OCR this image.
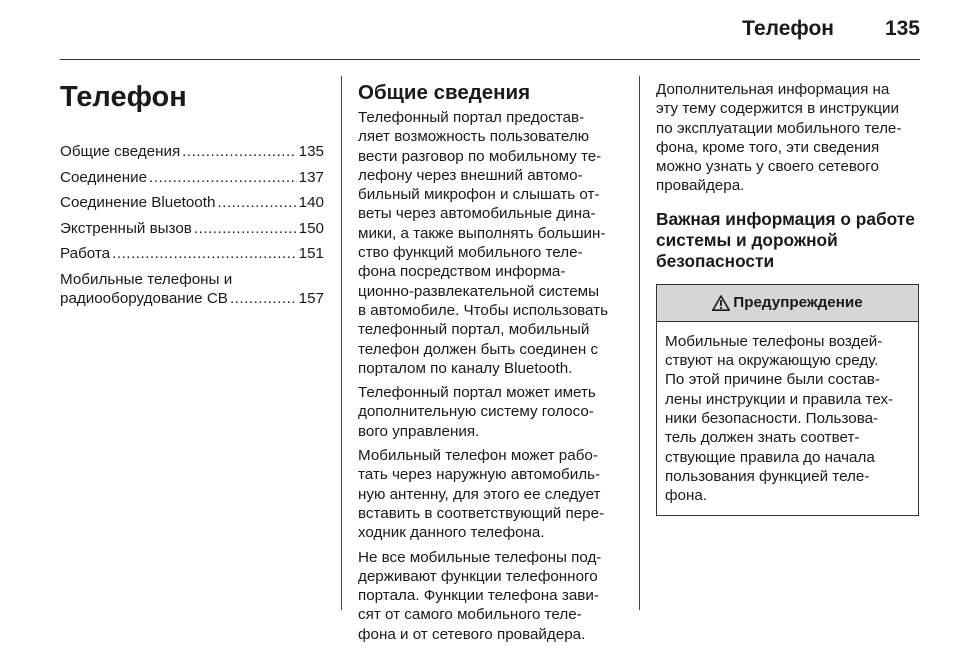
Телефон 135
Телефон
Общие сведения .....	135
Соединение .....	137
Соединение Bluetooth .....	140
Экстренный вызов .....	150
Работа .....	151
Мобильные телефоны и
радиооборудование СВ .....	157
Общие сведения

Телефонный портал предостав-
ляет возможность пользователю
вести разговор по мобильному те-
лефону через внешний автомо-
бильный микрофон и слышать от-
веты через автомобильные дина-
мики, а также выполнять большин-
ство функций мобильного теле-
фона посредством информа-
ционно-развлекательной системы
в автомобиле. Чтобы использовать
телефонный портал, мобильный
телефон должен быть соединен с
порталом по каналу Bluetooth.

Телефонный портал может иметь
дополнительную систему голосо-
вого управления.

Мобильный телефон может рабо-
тать через наружную автомобиль-
ную антенну, для этого ее следует
вставить в соответствующий пере-
ходник данного телефона.

Не все мобильные телефоны под-
держивают функции телефонного
портала. Функции телефона зави-
сят от самого мобильного теле-
фона и от сетевого провайдера.

Дополнительная информация на
эту тему содержится в инструкции
по эксплуатации мобильного теле-
фона, кроме того, эти сведения
можно узнать у своего сетевого
провайдера.

Важная информация о работе
системы и дорожной
безопасности
Предупреждение

Мобильные телефоны воздей-
ствуют на окружающую среду.
По этой причине были состав-
лены инструкции и правила тех-
ники безопасности. Пользова-
тель должен знать соответ-
ствующие правила до начала
пользования функцией теле-
фона.
